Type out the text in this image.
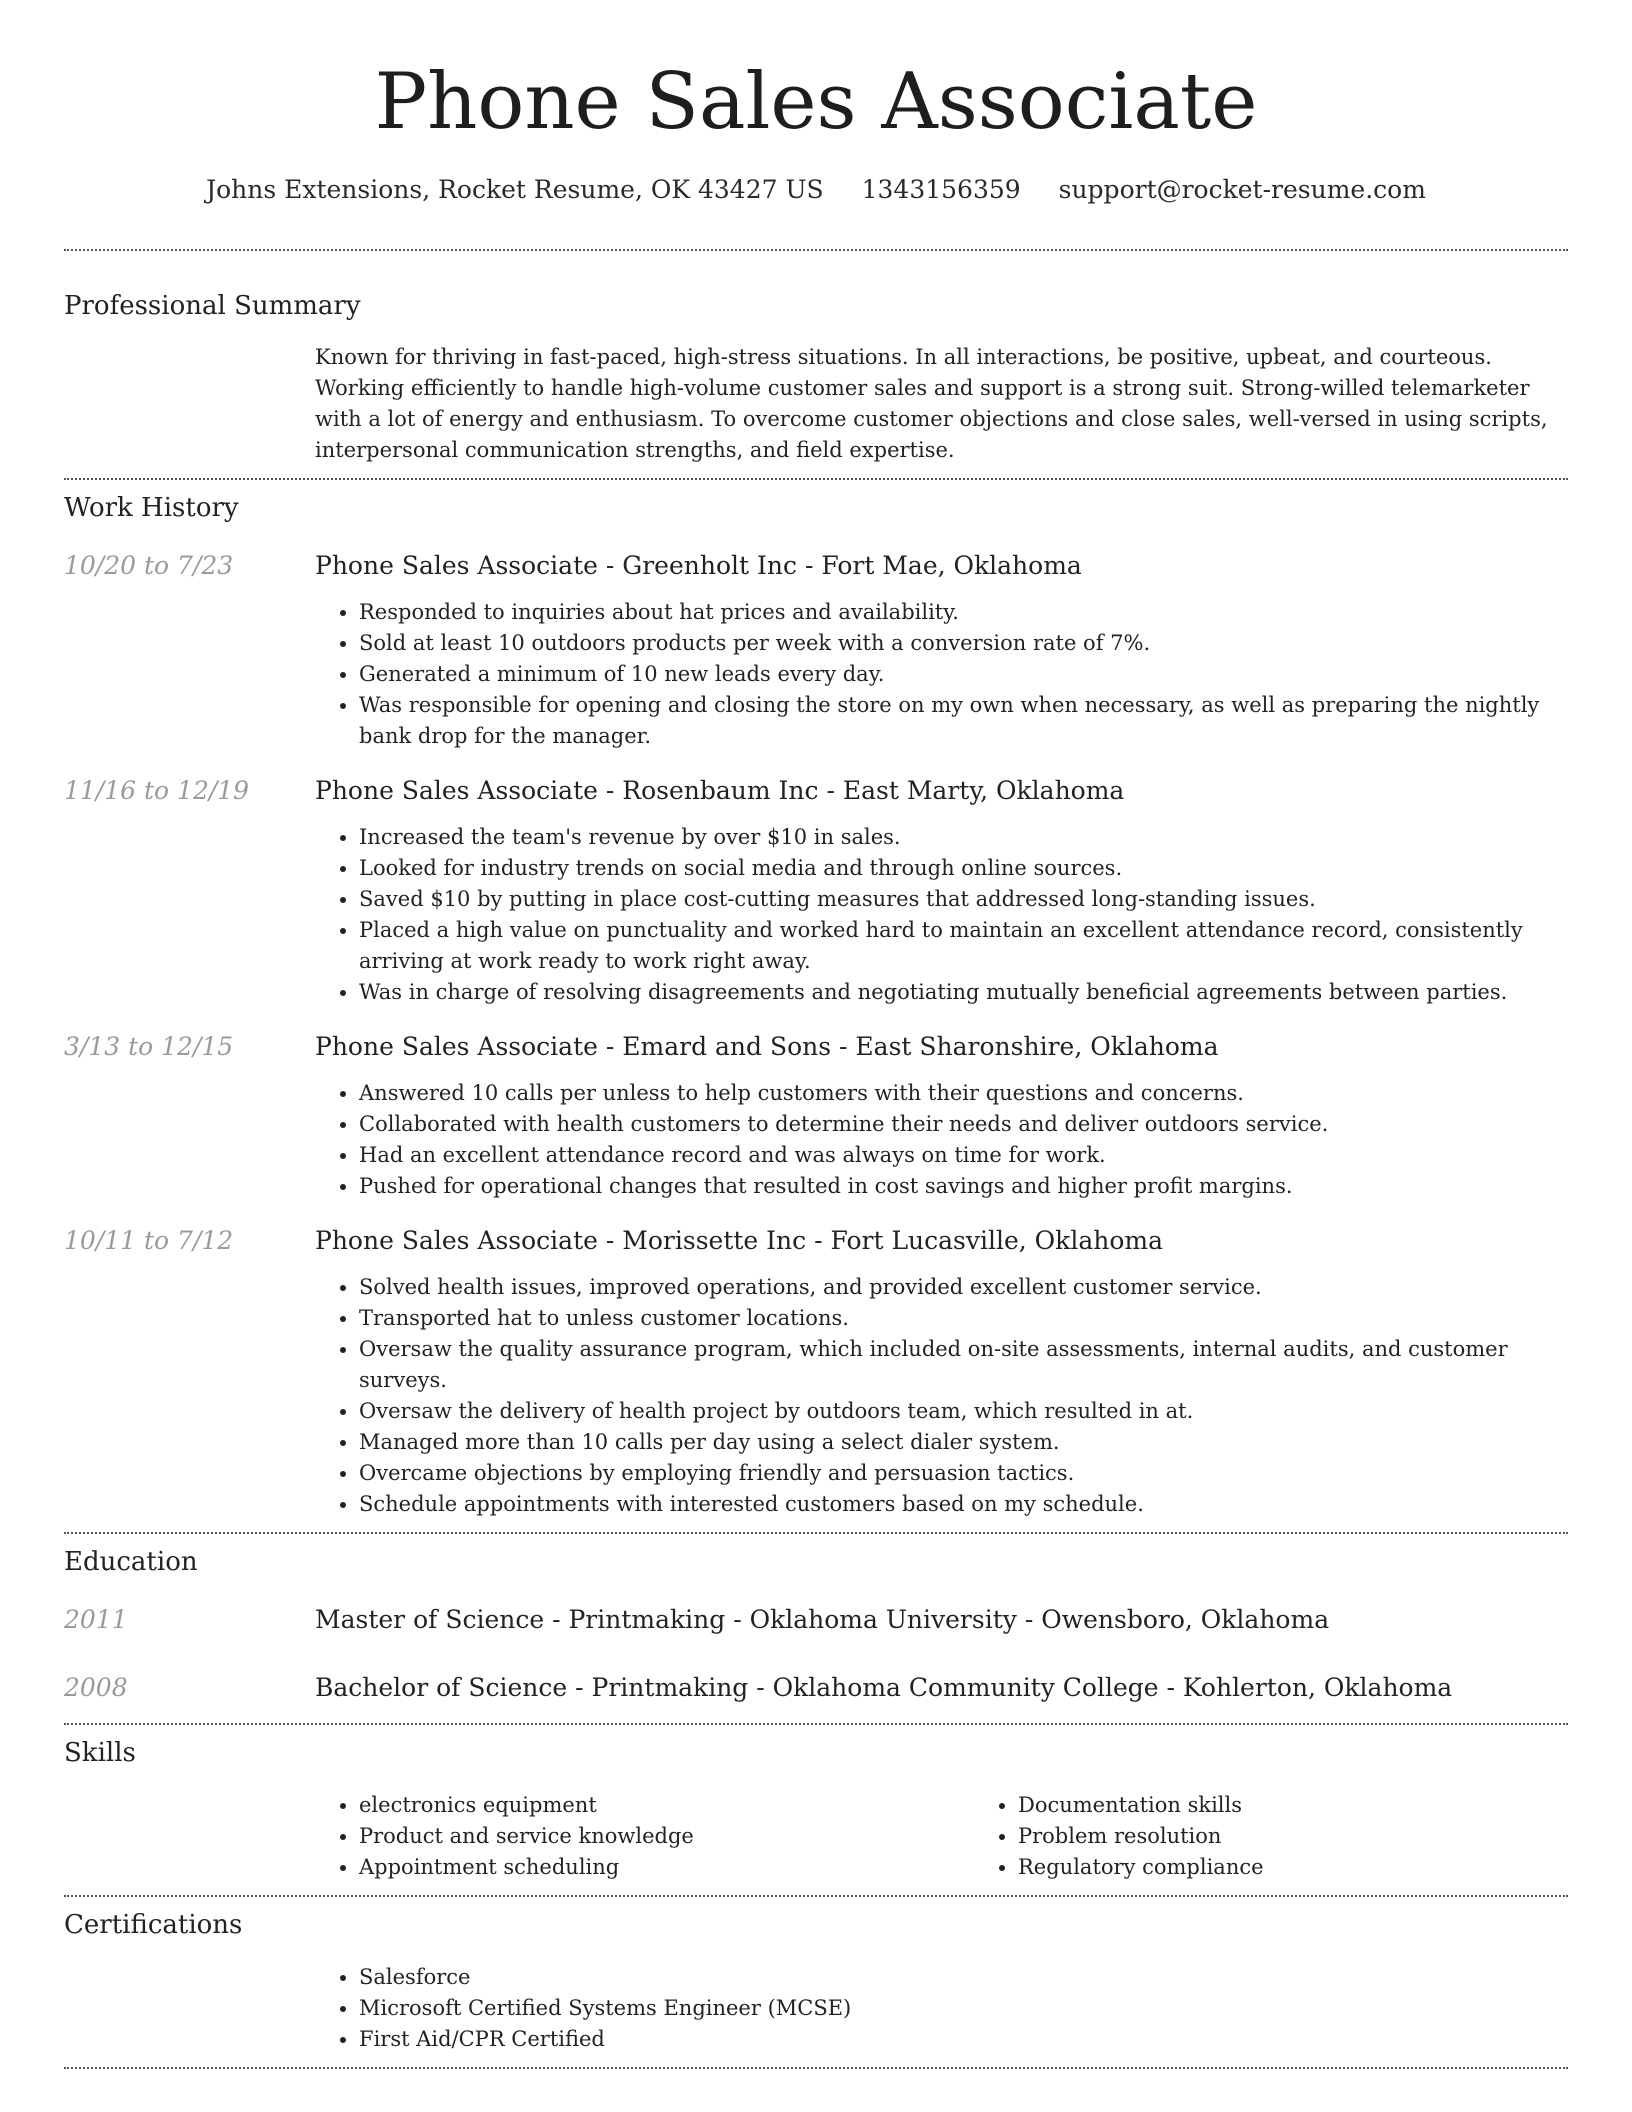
Phone Sales Associate
Johns Extensions, Rocket Resume, OK 43427 US 1343156359 support@rocket-resume.com
Professional Summary
Known for thriving in fast-paced, high-stress situations. In all interactions, be positive, upbeat, and courteous. Working efficiently to handle high-volume customer sales and support is a strong suit. Strong-willed telemarketer with a lot of energy and enthusiasm. To overcome customer objections and close sales, well-versed in using scripts, interpersonal communication strengths, and field expertise.
Work History
10/20 to 7/23	Phone Sales Associate - Greenholt Inc - Fort Mae, Oklahoma
• Responded to inquiries about hat prices and availability.
• Sold at least 10 outdoors products per week with a conversion rate of 7%.
• Generated a minimum of 10 new leads every day.
• Was responsible for opening and closing the store on my own when necessary, as well as preparing the nightly bank drop for the manager.
11/16 to 12/19	Phone Sales Associate - Rosenbaum Inc - East Marty, Oklahoma
• Increased the team's revenue by over $10 in sales.
• Looked for industry trends on social media and through online sources.
• Saved $10 by putting in place cost-cutting measures that addressed long-standing issues.
• Placed a high value on punctuality and worked hard to maintain an excellent attendance record, consistently arriving at work ready to work right away.
• Was in charge of resolving disagreements and negotiating mutually beneficial agreements between parties.
3/13 to 12/15	Phone Sales Associate - Emard and Sons - East Sharonshire, Oklahoma
• Answered 10 calls per unless to help customers with their questions and concerns.
• Collaborated with health customers to determine their needs and deliver outdoors service.
• Had an excellent attendance record and was always on time for work.
• Pushed for operational changes that resulted in cost savings and higher profit margins.
10/11 to 7/12	Phone Sales Associate - Morissette Inc - Fort Lucasville, Oklahoma
• Solved health issues, improved operations, and provided excellent customer service.
• Transported hat to unless customer locations.
• Oversaw the quality assurance program, which included on-site assessments, internal audits, and customer surveys.
• Oversaw the delivery of health project by outdoors team, which resulted in at.
• Managed more than 10 calls per day using a select dialer system.
• Overcame objections by employing friendly and persuasion tactics.
• Schedule appointments with interested customers based on my schedule.
Education
2011	Master of Science - Printmaking - Oklahoma University - Owensboro, Oklahoma
2008	Bachelor of Science - Printmaking - Oklahoma Community College - Kohlerton, Oklahoma
Skills
• electronics equipment
• Product and service knowledge
• Appointment scheduling
• Documentation skills
• Problem resolution
• Regulatory compliance
Certifications
• Salesforce
• Microsoft Certified Systems Engineer (MCSE)
• First Aid/CPR Certified
